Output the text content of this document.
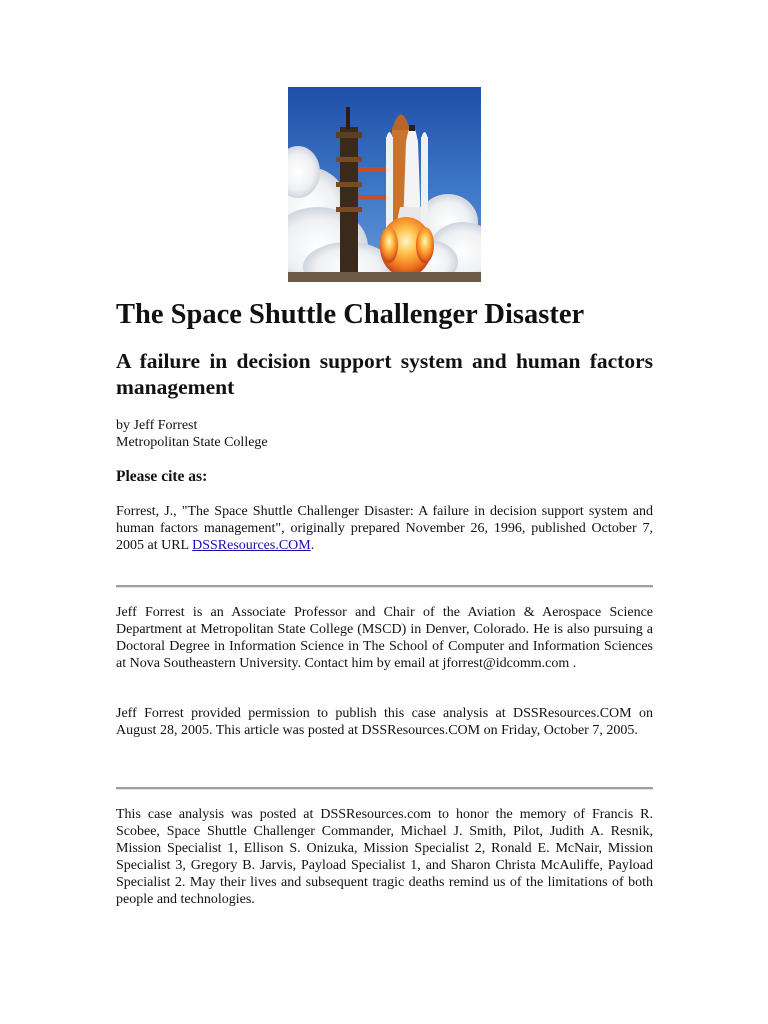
The Space Shuttle Challenger Disaster
A failure in decision support system and human factors management
by Jeff Forrest
Metropolitan State College
Please cite as:

Forrest, J., "The Space Shuttle Challenger Disaster: A failure in decision support system and human factors management", originally prepared November 26, 1996, published October 7, 2005 at URL DSSResources.COM.

Jeff Forrest is an Associate Professor and Chair of the Aviation & Aerospace Science Department at Metropolitan State College (MSCD) in Denver, Colorado. He is also pursuing a Doctoral Degree in Information Science in The School of Computer and Information Sciences at Nova Southeastern University. Contact him by email at jforrest@idcomm.com .

Jeff Forrest provided permission to publish this case analysis at DSSResources.COM on August 28, 2005. This article was posted at DSSResources.COM on Friday, October 7, 2005.

This case analysis was posted at DSSResources.com to honor the memory of Francis R. Scobee, Space Shuttle Challenger Commander, Michael J. Smith, Pilot, Judith A. Resnik, Mission Specialist 1, Ellison S. Onizuka, Mission Specialist 2, Ronald E. McNair, Mission Specialist 3, Gregory B. Jarvis, Payload Specialist 1, and Sharon Christa McAuliffe, Payload Specialist 2. May their lives and subsequent tragic deaths remind us of the limitations of both people and technologies.
